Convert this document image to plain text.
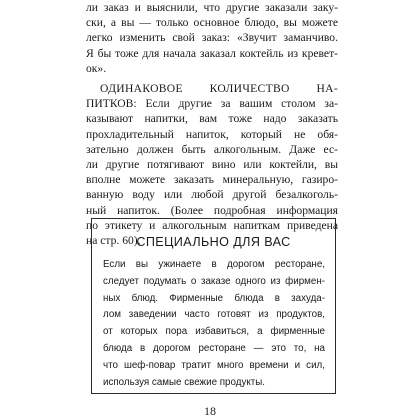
ли заказ и выяснили, что другие заказали заку-
ски, а вы — только основное блюдо, вы можете
легко изменить свой заказ: «Звучит заманчиво.
Я бы тоже для начала заказал коктейль из кревет-
ок».

ОДИНАКОВОЕ КОЛИЧЕСТВО НА-
ПИТКОВ: Если другие за вашим столом за-
казывают напитки, вам тоже надо заказать
прохладительный напиток, который не обя-
зательно должен быть алкогольным. Даже ес-
ли другие потягивают вино или коктейли, вы
вполне можете заказать минеральную, газиро-
ванную воду или любой другой безалкоголь-
ный напиток. (Более подробная информация
по этикету и алкогольным напиткам приведена
на стр. 60).

СПЕЦИАЛЬНО ДЛЯ ВАС
Если вы ужинаете в дорогом ресторане,
следует подумать о заказе одного из фирмен-
ных блюд. Фирменные блюда в захуда-
лом заведении часто готовят из продуктов,
от которых пора избавиться, а фирменные
блюда в дорогом ресторане — это то, на
что шеф-повар тратит много времени и сил,
используя самые свежие продукты.
18
